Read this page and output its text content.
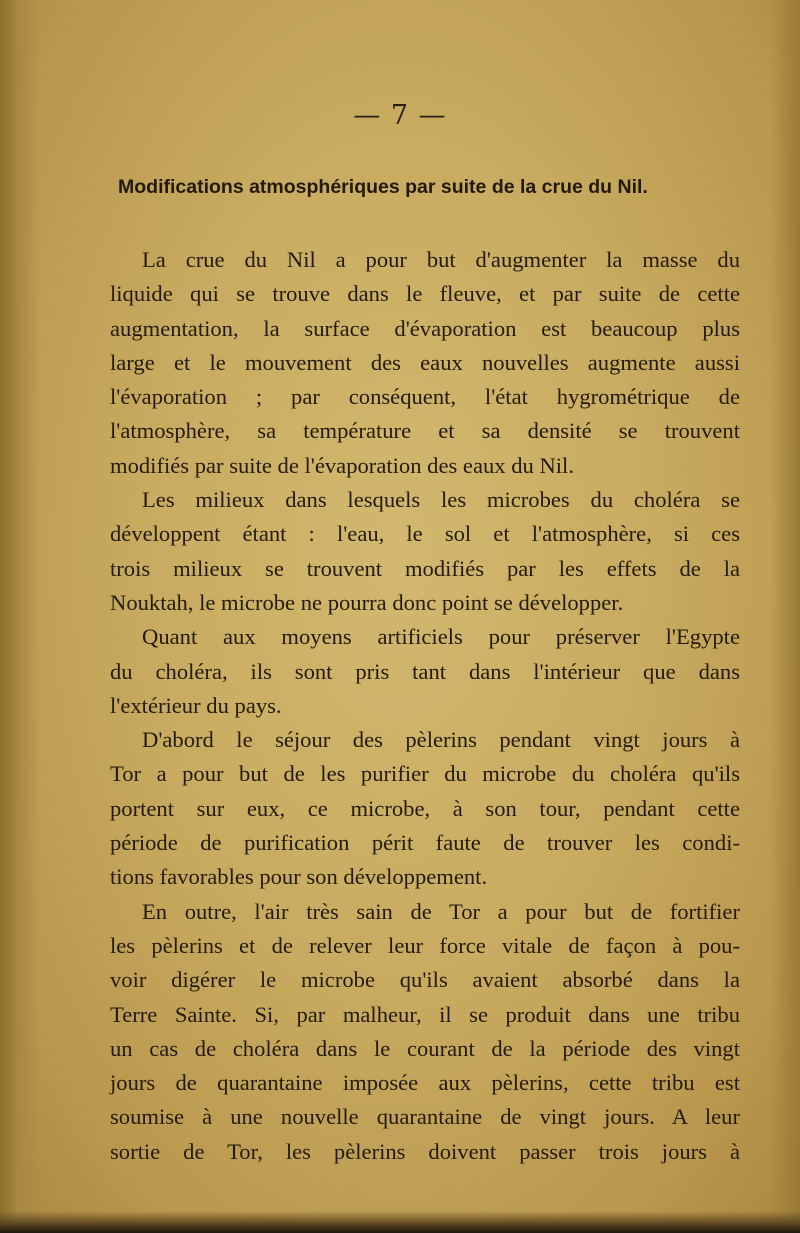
— 7 —
Modifications atmosphériques par suite de la crue du Nil.
La crue du Nil a pour but d'augmenter la masse du
liquide qui se trouve dans le fleuve, et par suite de cette
augmentation, la surface d'évaporation est beaucoup plus
large et le mouvement des eaux nouvelles augmente aussi
l'évaporation ; par conséquent, l'état hygrométrique de
l'atmosphère, sa température et sa densité se trouvent
modifiés par suite de l'évaporation des eaux du Nil.
Les milieux dans lesquels les microbes du choléra se
développent étant : l'eau, le sol et l'atmosphère, si ces
trois milieux se trouvent modifiés par les effets de la
Nouktah, le microbe ne pourra donc point se développer.
Quant aux moyens artificiels pour préserver l'Egypte
du choléra, ils sont pris tant dans l'intérieur que dans
l'extérieur du pays.
D'abord le séjour des pèlerins pendant vingt jours à
Tor a pour but de les purifier du microbe du choléra qu'ils
portent sur eux, ce microbe, à son tour, pendant cette
période de purification périt faute de trouver les condi-
tions favorables pour son développement.
En outre, l'air très sain de Tor a pour but de fortifier
les pèlerins et de relever leur force vitale de façon à pou-
voir digérer le microbe qu'ils avaient absorbé dans la
Terre Sainte. Si, par malheur, il se produit dans une tribu
un cas de choléra dans le courant de la période des vingt
jours de quarantaine imposée aux pèlerins, cette tribu est
soumise à une nouvelle quarantaine de vingt jours. A leur
sortie de Tor, les pèlerins doivent passer trois jours à
